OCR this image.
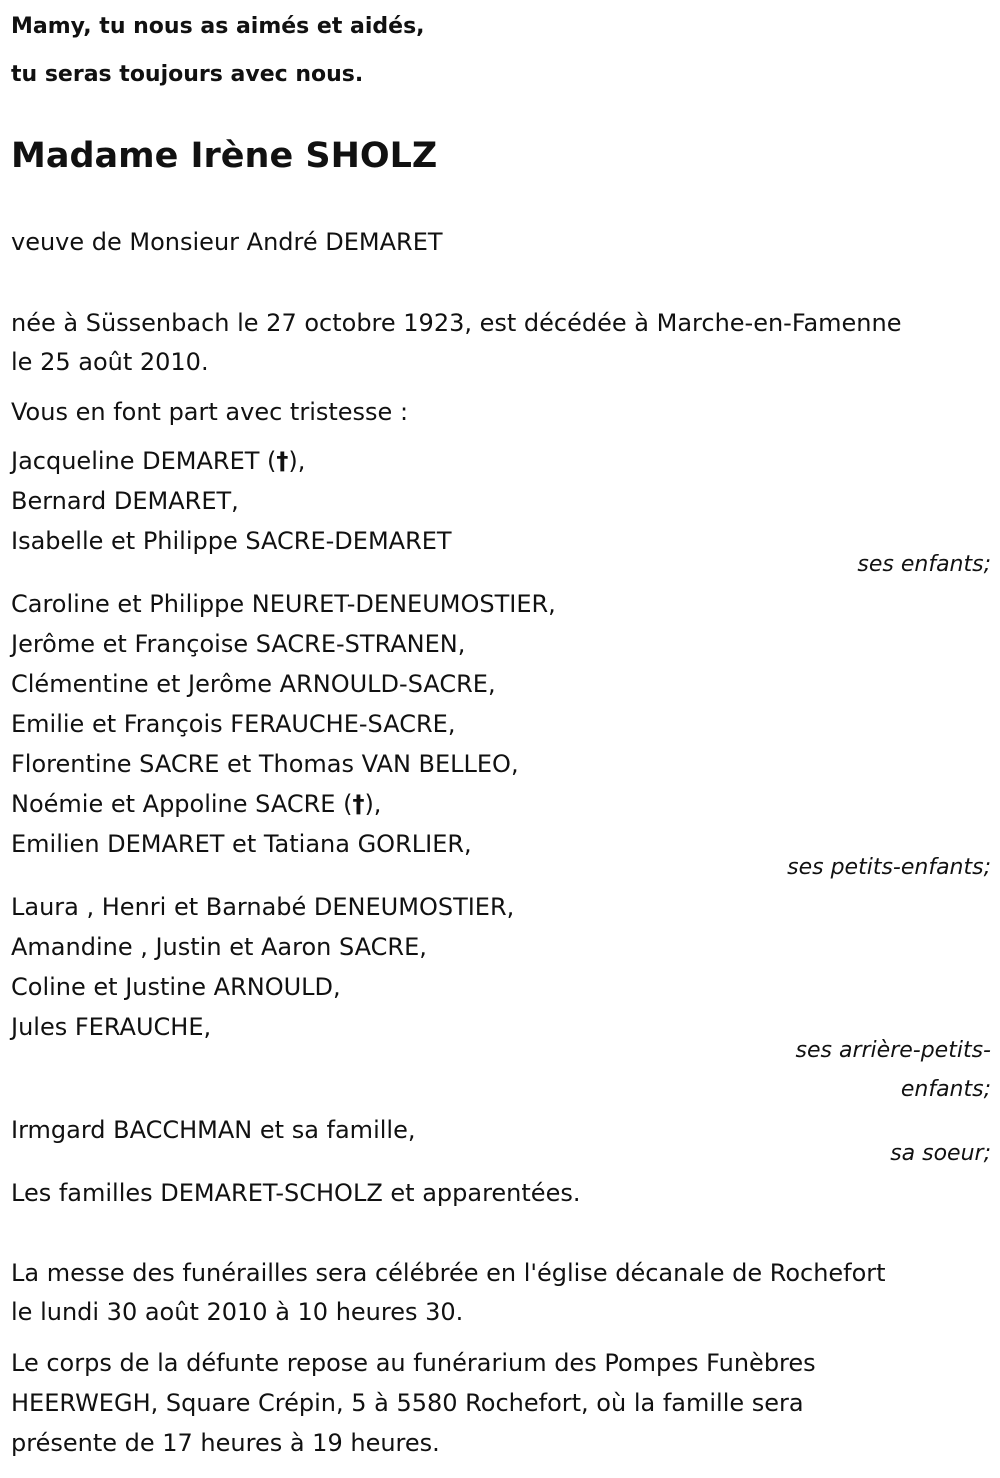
Mamy, tu nous as aimés et aidés,
tu seras toujours avec nous.
Madame Irène SHOLZ
veuve de Monsieur André DEMARET
née à Süssenbach le 27 octobre 1923, est décédée à Marche-en-Famenne
le 25 août 2010.
Vous en font part avec tristesse :
Jacqueline DEMARET (†),
Bernard DEMARET,
Isabelle et Philippe SACRE-DEMARET
ses enfants;
Caroline et Philippe NEURET-DENEUMOSTIER,
Jerôme et Françoise SACRE-STRANEN,
Clémentine et Jerôme ARNOULD-SACRE,
Emilie et François FERAUCHE-SACRE,
Florentine SACRE et Thomas VAN BELLEO,
Noémie et Appoline SACRE (†),
Emilien DEMARET et Tatiana GORLIER,
ses petits-enfants;
Laura , Henri et Barnabé DENEUMOSTIER,
Amandine , Justin et Aaron SACRE,
Coline et Justine ARNOULD,
Jules FERAUCHE,
ses arrière-petits-
enfants;
Irmgard BACCHMAN et sa famille,
sa soeur;
Les familles DEMARET-SCHOLZ et apparentées.
La messe des funérailles sera célébrée en l'église décanale de Rochefort
le lundi 30 août 2010 à 10 heures 30.
Le corps de la défunte repose au funérarium des Pompes Funèbres
HEERWEGH, Square Crépin, 5 à 5580 Rochefort, où la famille sera
présente de 17 heures à 19 heures.
